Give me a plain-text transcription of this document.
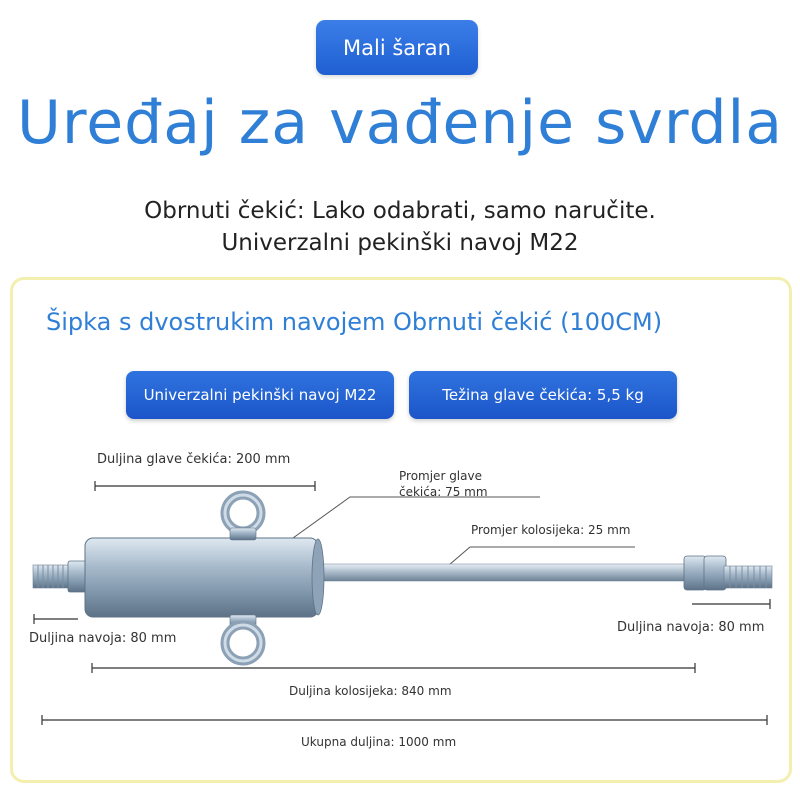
Mali šaran
Uređaj za vađenje svrdla
Obrnuti čekić: Lako odabrati, samo naručite.
Univerzalni pekinški navoj M22
Šipka s dvostrukim navojem Obrnuti čekić (100CM)
Univerzalni pekinški navoj M22	Težina glave čekića: 5,5 kg
Duljina glave čekića: 200 mm
Promjer glave
čekića: 75 mm
Promjer kolosijeka: 25 mm
Duljina navoja: 80 mm
Duljina navoja: 80 mm
Duljina kolosijeka: 840 mm
Ukupna duljina: 1000 mm
